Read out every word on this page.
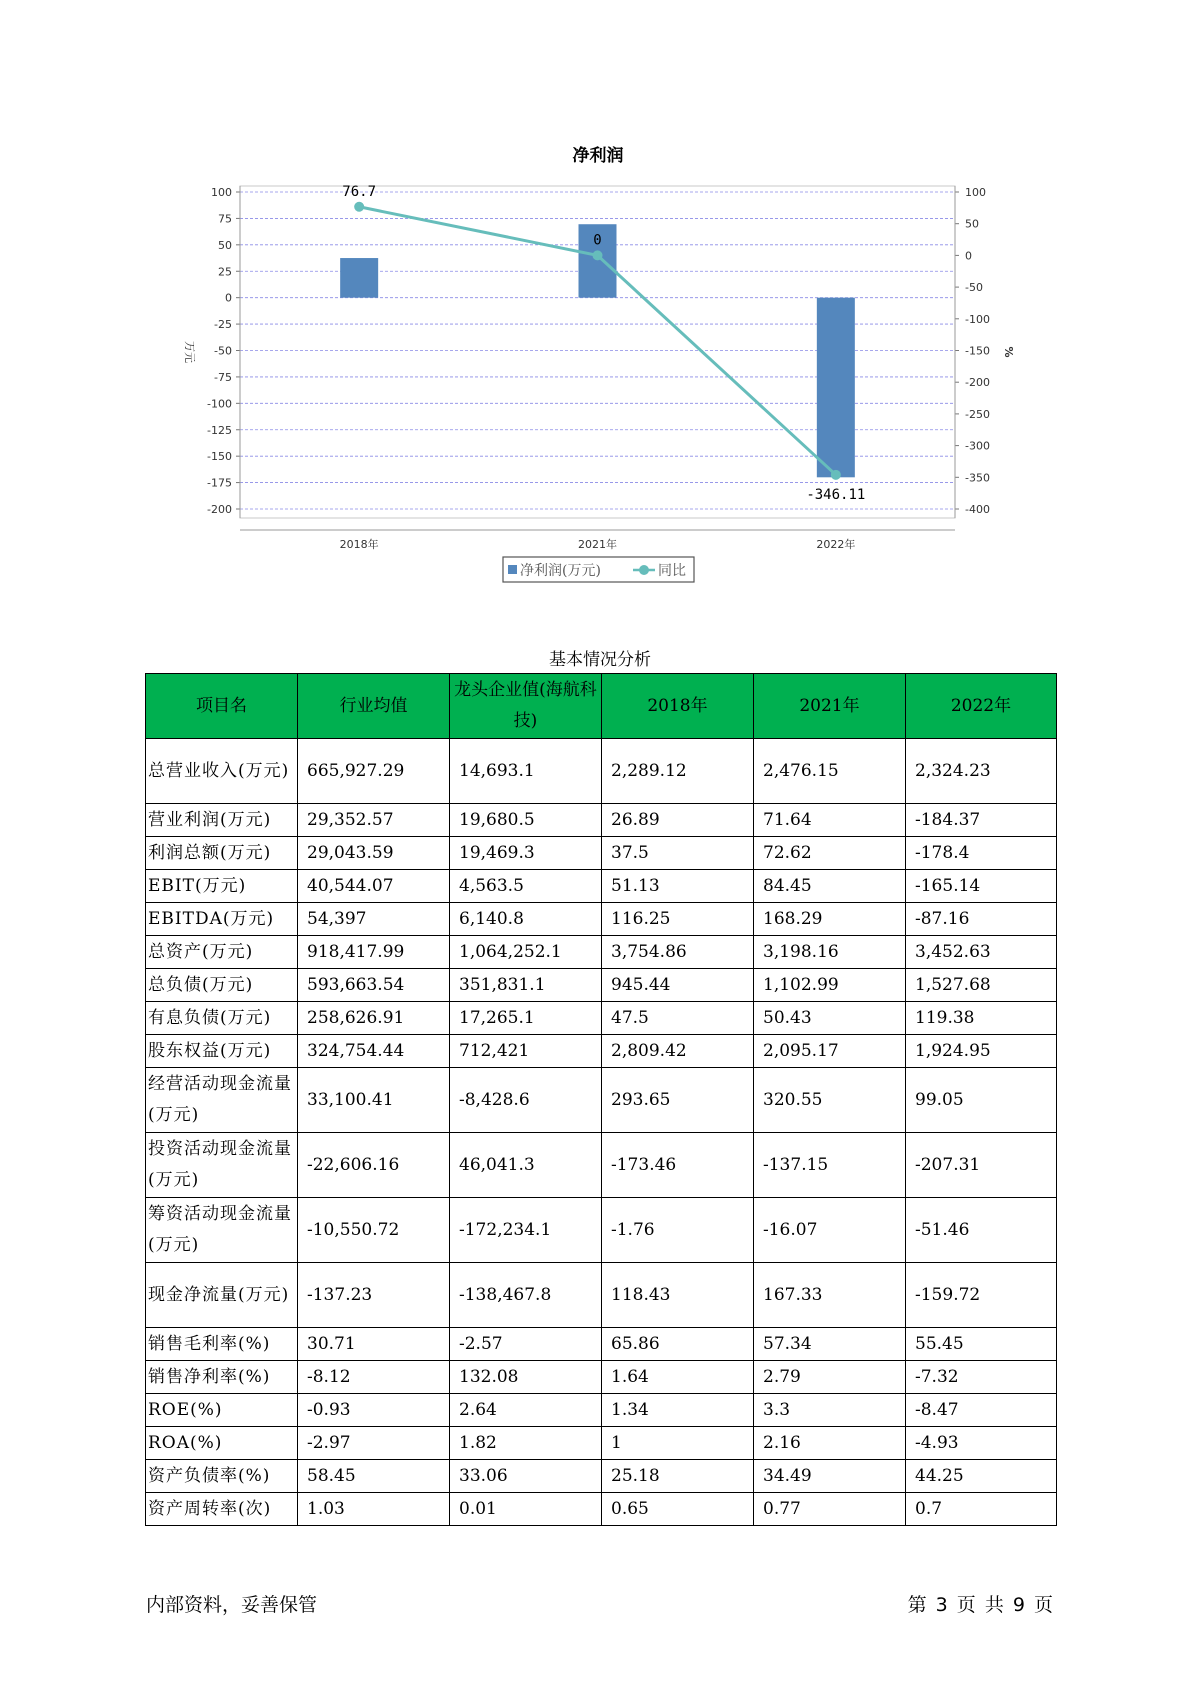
净利润
100
75
50
25
0
-25
-50
-75
-100
-125
-150
-175
-200
100
50
0
-50
-100
-150
-200
-250
-300
-350
-400
万元	%
2018年	2021年	2022年
76.7
0
-346.11
净利润(万元)	同比
基本情况分析
项目名	行业均值	龙头企业值(海航科技)	2018年	2021年	2022年
总营业收入(万元)	665,927.29	14,693.1	2,289.12	2,476.15	2,324.23
营业利润(万元)	29,352.57	19,680.5	26.89	71.64	-184.37
利润总额(万元)	29,043.59	19,469.3	37.5	72.62	-178.4
EBIT(万元)	40,544.07	4,563.5	51.13	84.45	-165.14
EBITDA(万元)	54,397	6,140.8	116.25	168.29	-87.16
总资产(万元)	918,417.99	1,064,252.1	3,754.86	3,198.16	3,452.63
总负债(万元)	593,663.54	351,831.1	945.44	1,102.99	1,527.68
有息负债(万元)	258,626.91	17,265.1	47.5	50.43	119.38
股东权益(万元)	324,754.44	712,421	2,809.42	2,095.17	1,924.95
经营活动现金流量(万元)	33,100.41	-8,428.6	293.65	320.55	99.05
投资活动现金流量(万元)	-22,606.16	46,041.3	-173.46	-137.15	-207.31
筹资活动现金流量(万元)	-10,550.72	-172,234.1	-1.76	-16.07	-51.46
现金净流量(万元)	-137.23	-138,467.8	118.43	167.33	-159.72
销售毛利率(%)	30.71	-2.57	65.86	57.34	55.45
销售净利率(%)	-8.12	132.08	1.64	2.79	-7.32
ROE(%)	-0.93	2.64	1.34	3.3	-8.47
ROA(%)	-2.97	1.82	1	2.16	-4.93
资产负债率(%)	58.45	33.06	25.18	34.49	44.25
资产周转率(次)	1.03	0.01	0.65	0.77	0.7
内部资料，妥善保管	第 3 页 共 9 页
